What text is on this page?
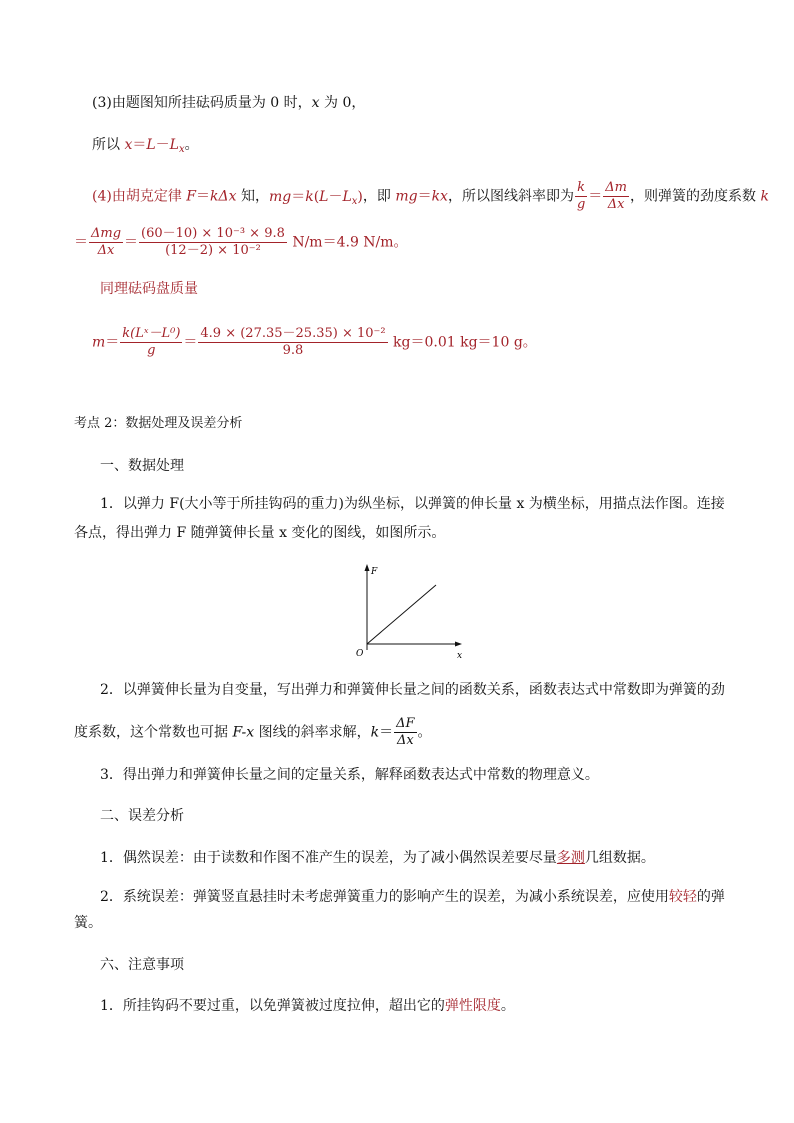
(3)由题图知所挂砝码质量为 0 时，x 为 0，
所以 $x=L-L_x$。
(4)由胡克定律 F＝kΔx 知，$mg=k(L-L_x)$，即 mg＝kx，所以图线斜率即为 $\frac{k}{g} = \frac{\Delta m}{\Delta x}$ ，则弹簧的劲度系数 k
＝ $\frac{\text{Δmg}}{\Delta x} = \frac{\text{(60－10) × 10⁻³ × 9.8}}{\text{(12－2) × 10⁻²}} N/m=4.9$ N/m。
同理砝码盘质量
$m= \frac{\text{k(Lˣ－L⁰)}}{g} = \frac{\text{4.9 × (27.35－25.35) × 10⁻²}}{9.8} kg=0.01$ kg＝10 g。
考点 2：数据处理及误差分析
一、数据处理
1．以弹力 F(大小等于所挂钩码的重力)为纵坐标，以弹簧的伸长量 x 为横坐标，用描点法作图。连接
各点，得出弹力 F 随弹簧伸长量 x 变化的图线，如图所示。
F
x
O
2．以弹簧伸长量为自变量，写出弹力和弹簧伸长量之间的函数关系，函数表达式中常数即为弹簧的劲
度系数，这个常数也可据 F-x 图线的斜率求解，$k= \frac{\Delta F}{\Delta x}$ 。
3．得出弹力和弹簧伸长量之间的定量关系，解释函数表达式中常数的物理意义。
二、误差分析
1．偶然误差：由于读数和作图不准产生的误差，为了减小偶然误差要尽量多测几组数据。
2．系统误差：弹簧竖直悬挂时未考虑弹簧重力的影响产生的误差，为减小系统误差，应使用较轻的弹
簧。
六、注意事项
1．所挂钩码不要过重，以免弹簧被过度拉伸，超出它的弹性限度。
